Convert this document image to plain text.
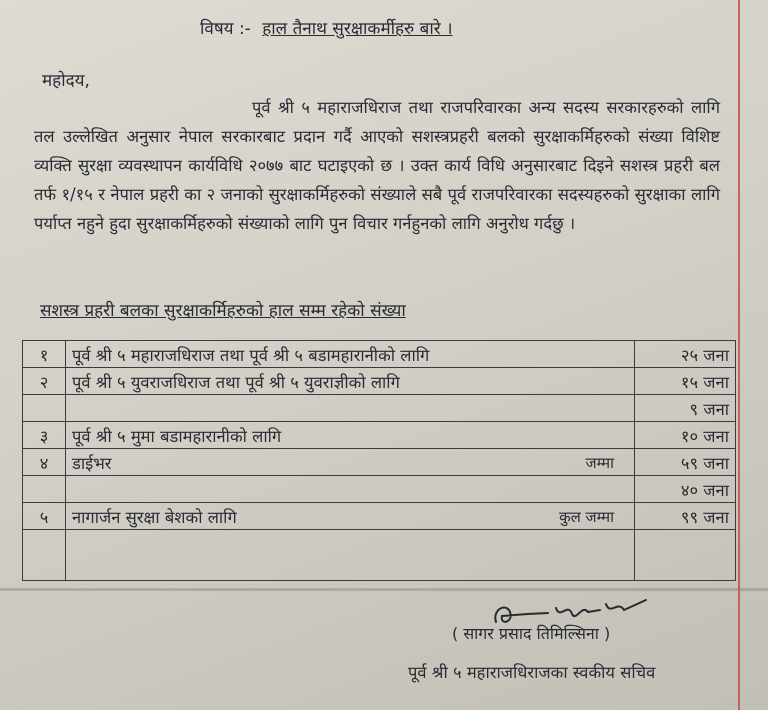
विषय :- हाल तैनाथ सुरक्षाकर्मीहरु बारे ।
महोदय,
पूर्व श्री ५ महाराजधिराज तथा राजपरिवारका अन्य सदस्य सरकारहरुको लागि तल उल्लेखित अनुसार नेपाल सरकारबाट प्रदान गर्दै आएको सशस्त्रप्रहरी बलको सुरक्षाकर्मिहरुको संख्या विशिष्ट व्यक्ति सुरक्षा व्यवस्थापन कार्यविधि २०७७ बाट घटाइएको छ । उक्त कार्य विधि अनुसारबाट दिइने सशस्त्र प्रहरी बल तर्फ १/१५ र नेपाल प्रहरी का २ जनाको सुरक्षाकर्मिहरुको संख्याले सबै पूर्व राजपरिवारका सदस्यहरुको सुरक्षाका लागि पर्याप्त नहुने हुदा सुरक्षाकर्मिहरुको संख्याको लागि पुन विचार गर्नहुनको लागि अनुरोध गर्दछु ।
सशस्त्र प्रहरी बलका सुरक्षाकर्मिहरुको हाल सम्म रहेको संख्या
१	पूर्व श्री ५ महाराजधिराज तथा पूर्व श्री ५ बडामहारानीको लागि	२५ जना
२	पूर्व श्री ५ युवराजधिराज तथा पूर्व श्री ५ युवराज्ञीको लागि	१५ जना
		९ जना
३	पूर्व श्री ५ मुमा बडामहारानीको लागि	१० जना
४	डाईभर जम्मा	५९ जना
		४० जना
५	नागार्जन सुरक्षा बेशको लागि कुल जम्मा	९९ जना

( सागर प्रसाद तिमिल्सिना )
पूर्व श्री ५ महाराजधिराजका स्वकीय सचिव
